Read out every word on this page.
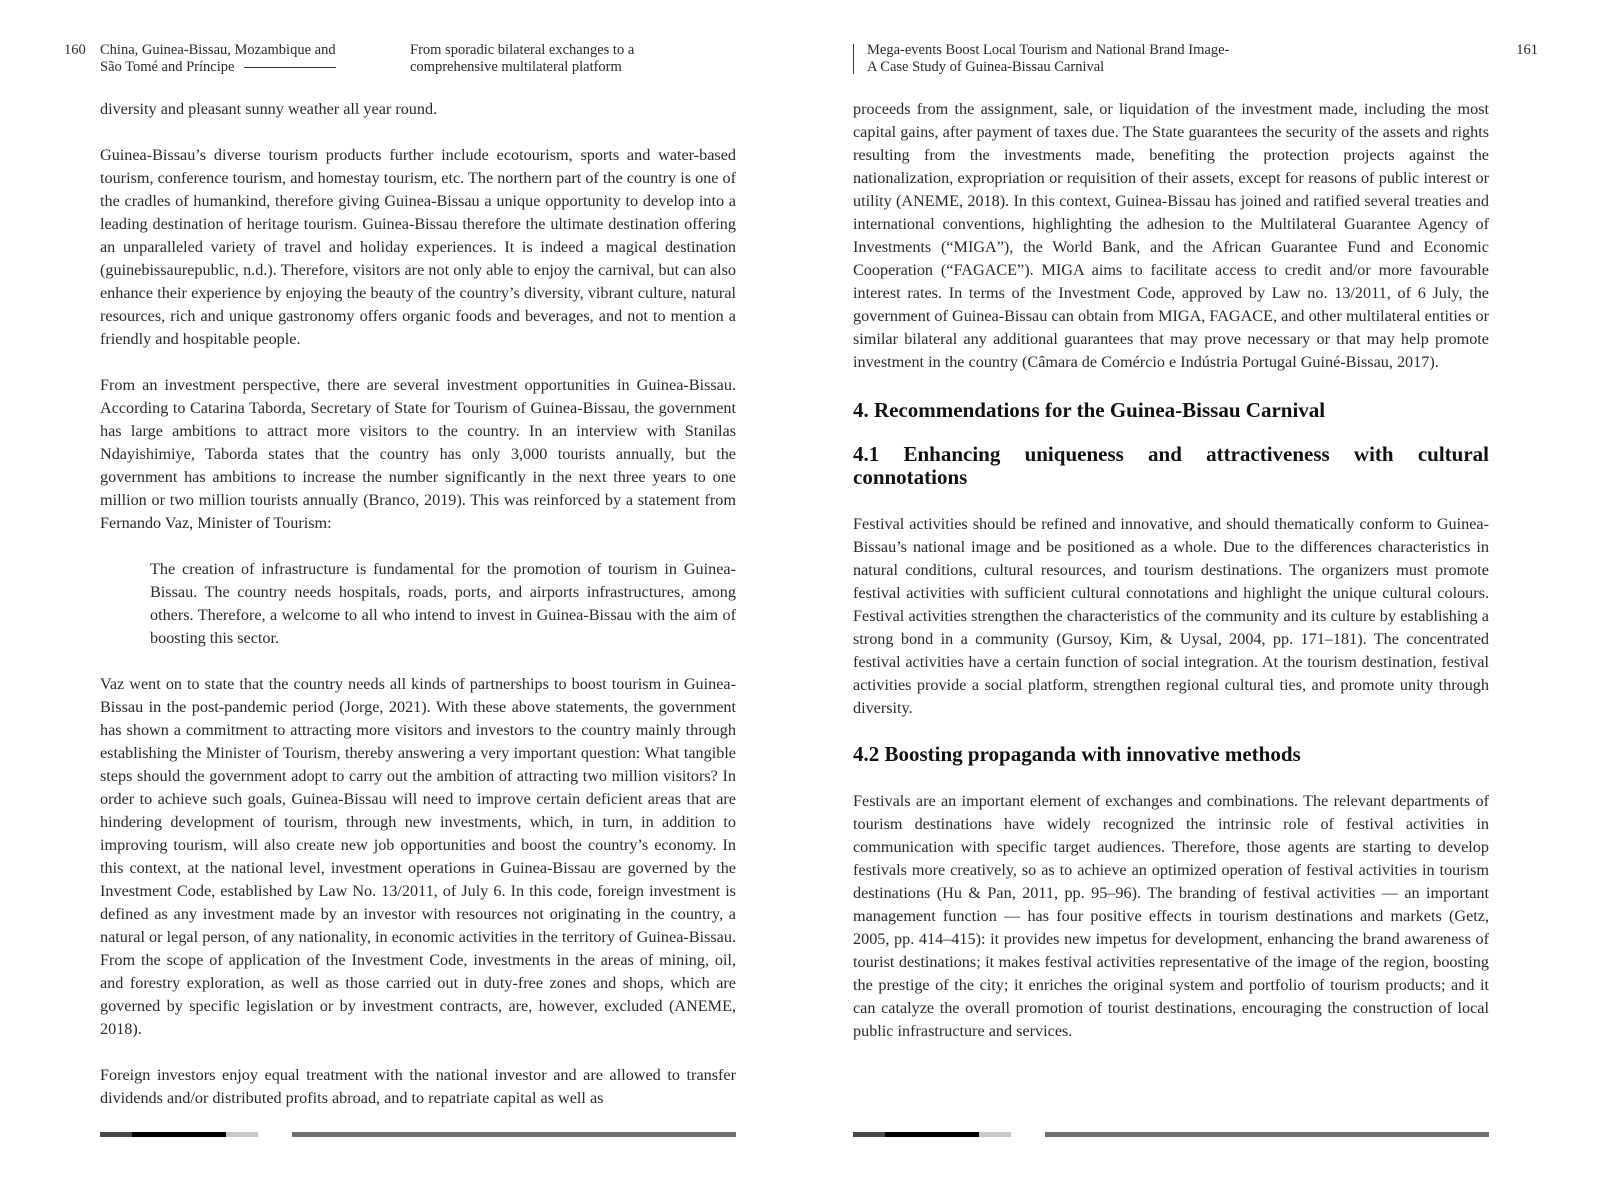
160 China, Guinea-Bissau, Mozambique and
São Tomé and Príncipe
From sporadic bilateral exchanges to a
comprehensive multilateral platform

diversity and pleasant sunny weather all year round.

Guinea-Bissau’s diverse tourism products further include ecotourism, sports and water-based tourism, conference tourism, and homestay tourism, etc. The northern part of the country is one of the cradles of humankind, therefore giving Guinea-Bissau a unique opportunity to develop into a leading destination of heritage tourism. Guinea-Bissau therefore the ultimate destination offering an unparalleled variety of travel and holiday experiences. It is indeed a magical destination (guinebissaurepublic, n.d.). Therefore, visitors are not only able to enjoy the carnival, but can also enhance their experience by enjoying the beauty of the country’s diversity, vibrant culture, natural resources, rich and unique gastronomy offers organic foods and beverages, and not to mention a friendly and hospitable people.

From an investment perspective, there are several investment opportunities in Guinea-Bissau. According to Catarina Taborda, Secretary of State for Tourism of Guinea-Bissau, the government has large ambitions to attract more visitors to the country. In an interview with Stanilas Ndayishimiye, Taborda states that the country has only 3,000 tourists annually, but the government has ambitions to increase the number significantly in the next three years to one million or two million tourists annually (Branco, 2019). This was reinforced by a statement from Fernando Vaz, Minister of Tourism:

The creation of infrastructure is fundamental for the promotion of tourism in Guinea-Bissau. The country needs hospitals, roads, ports, and airports infrastructures, among others. Therefore, a welcome to all who intend to invest in Guinea-Bissau with the aim of boosting this sector.

Vaz went on to state that the country needs all kinds of partnerships to boost tourism in Guinea-Bissau in the post-pandemic period (Jorge, 2021). With these above statements, the government has shown a commitment to attracting more visitors and investors to the country mainly through establishing the Minister of Tourism, thereby answering a very important question: What tangible steps should the government adopt to carry out the ambition of attracting two million visitors? In order to achieve such goals, Guinea-Bissau will need to improve certain deficient areas that are hindering development of tourism, through new investments, which, in turn, in addition to improving tourism, will also create new job opportunities and boost the country’s economy. In this context, at the national level, investment operations in Guinea-Bissau are governed by the Investment Code, established by Law No. 13/2011, of July 6. In this code, foreign investment is defined as any investment made by an investor with resources not originating in the country, a natural or legal person, of any nationality, in economic activities in the territory of Guinea-Bissau. From the scope of application of the Investment Code, investments in the areas of mining, oil, and forestry exploration, as well as those carried out in duty-free zones and shops, which are governed by specific legislation or by investment contracts, are, however, excluded (ANEME, 2018).

Foreign investors enjoy equal treatment with the national investor and are allowed to transfer dividends and/or distributed profits abroad, and to repatriate capital as well as

Mega-events Boost Local Tourism and National Brand Image-
A Case Study of Guinea-Bissau Carnival
161

proceeds from the assignment, sale, or liquidation of the investment made, including the most capital gains, after payment of taxes due. The State guarantees the security of the assets and rights resulting from the investments made, benefiting the protection projects against the nationalization, expropriation or requisition of their assets, except for reasons of public interest or utility (ANEME, 2018). In this context, Guinea-Bissau has joined and ratified several treaties and international conventions, highlighting the adhesion to the Multilateral Guarantee Agency of Investments (“MIGA”), the World Bank, and the African Guarantee Fund and Economic Cooperation (“FAGACE”). MIGA aims to facilitate access to credit and/or more favourable interest rates. In terms of the Investment Code, approved by Law no. 13/2011, of 6 July, the government of Guinea-Bissau can obtain from MIGA, FAGACE, and other multilateral entities or similar bilateral any additional guarantees that may prove necessary or that may help promote investment in the country (Câmara de Comércio e Indústria Portugal Guiné-Bissau, 2017).

4. Recommendations for the Guinea-Bissau Carnival
4.1 Enhancing uniqueness and attractiveness with cultural connotations

Festival activities should be refined and innovative, and should thematically conform to Guinea-Bissau’s national image and be positioned as a whole. Due to the differences characteristics in natural conditions, cultural resources, and tourism destinations. The organizers must promote festival activities with sufficient cultural connotations and highlight the unique cultural colours. Festival activities strengthen the characteristics of the community and its culture by establishing a strong bond in a community (Gursoy, Kim, & Uysal, 2004, pp. 171–181). The concentrated festival activities have a certain function of social integration. At the tourism destination, festival activities provide a social platform, strengthen regional cultural ties, and promote unity through diversity.

4.2 Boosting propaganda with innovative methods

Festivals are an important element of exchanges and combinations. The relevant departments of tourism destinations have widely recognized the intrinsic role of festival activities in communication with specific target audiences. Therefore, those agents are starting to develop festivals more creatively, so as to achieve an optimized operation of festival activities in tourism destinations (Hu & Pan, 2011, pp. 95–96). The branding of festival activities — an important management function — has four positive effects in tourism destinations and markets (Getz, 2005, pp. 414–415): it provides new impetus for development, enhancing the brand awareness of tourist destinations; it makes festival activities representative of the image of the region, boosting the prestige of the city; it enriches the original system and portfolio of tourism products; and it can catalyze the overall promotion of tourist destinations, encouraging the construction of local public infrastructure and services.
